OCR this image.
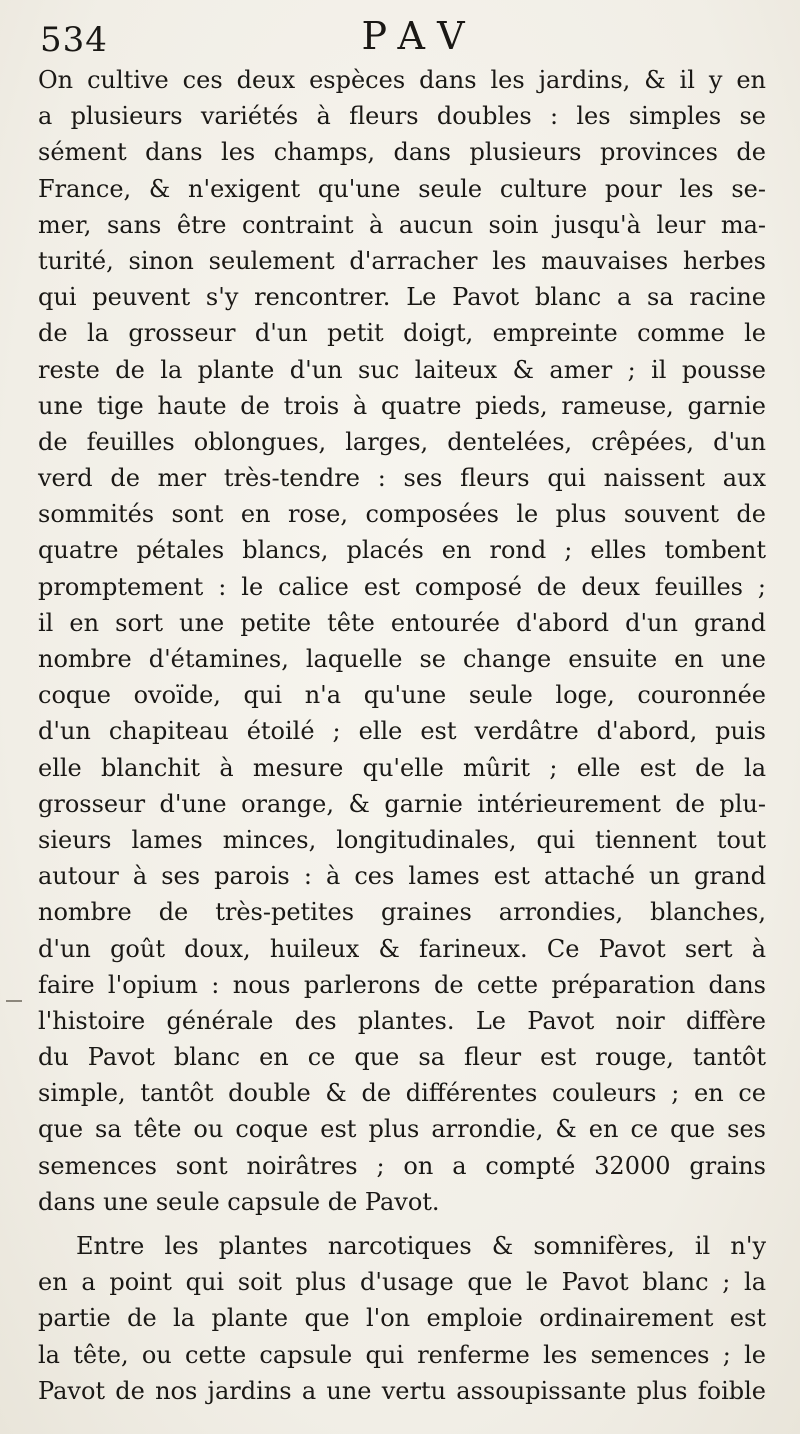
534	PAV
On cultive ces deux espèces dans les jardins, & il y en
a plusieurs variétés à fleurs doubles : les simples se
sément dans les champs, dans plusieurs provinces de
France, & n'exigent qu'une seule culture pour les se-
mer, sans être contraint à aucun soin jusqu'à leur ma-
turité, sinon seulement d'arracher les mauvaises herbes
qui peuvent s'y rencontrer. Le Pavot blanc a sa racine
de la grosseur d'un petit doigt, empreinte comme le
reste de la plante d'un suc laiteux & amer ; il pousse
une tige haute de trois à quatre pieds, rameuse, garnie
de feuilles oblongues, larges, dentelées, crêpées, d'un
verd de mer très-tendre : ses fleurs qui naissent aux
sommités sont en rose, composées le plus souvent de
quatre pétales blancs, placés en rond ; elles tombent
promptement : le calice est composé de deux feuilles ;
il en sort une petite tête entourée d'abord d'un grand
nombre d'étamines, laquelle se change ensuite en une
coque ovoïde, qui n'a qu'une seule loge, couronnée
d'un chapiteau étoilé ; elle est verdâtre d'abord, puis
elle blanchit à mesure qu'elle mûrit ; elle est de la
grosseur d'une orange, & garnie intérieurement de plu-
sieurs lames minces, longitudinales, qui tiennent tout
autour à ses parois : à ces lames est attaché un grand
nombre de très-petites graines arrondies, blanches,
d'un goût doux, huileux & farineux. Ce Pavot sert à
faire l'opium : nous parlerons de cette préparation dans
l'histoire générale des plantes. Le Pavot noir diffère
du Pavot blanc en ce que sa fleur est rouge, tantôt
simple, tantôt double & de différentes couleurs ; en ce
que sa tête ou coque est plus arrondie, & en ce que ses
semences sont noirâtres ; on a compté 32000 grains
dans une seule capsule de Pavot.
Entre les plantes narcotiques & somnifères, il n'y
en a point qui soit plus d'usage que le Pavot blanc ; la
partie de la plante que l'on emploie ordinairement est
la tête, ou cette capsule qui renferme les semences ; le
Pavot de nos jardins a une vertu assoupissante plus foible
